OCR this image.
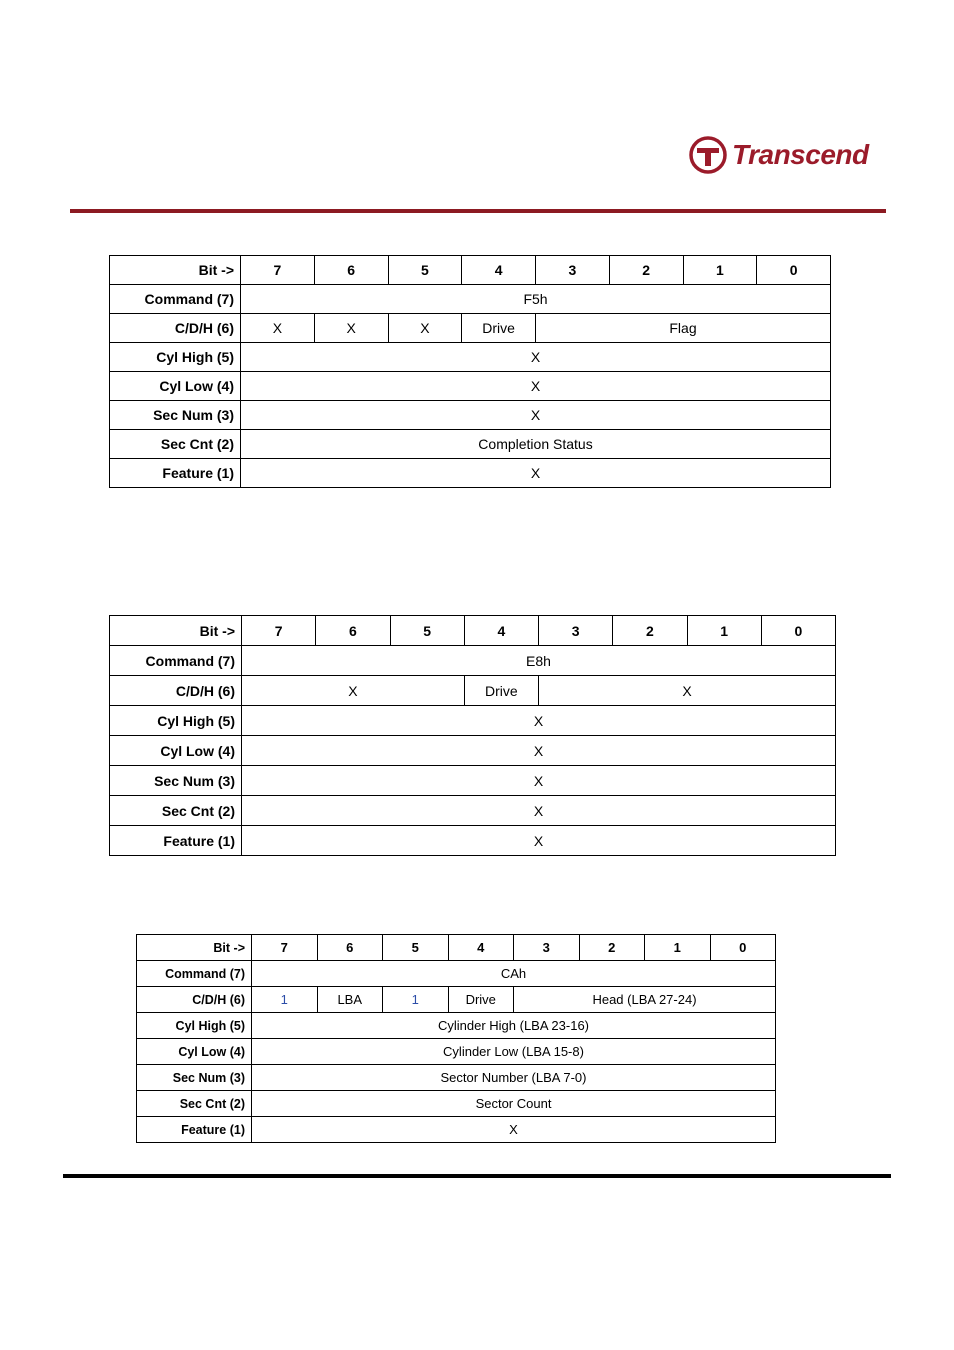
Transcend
Bit ->	7	6	5	4	3	2	1	0
Command (7)	F5h							
C/D/H (6)	X	X	X	Drive	Flag			
Cyl High (5)	X							
Cyl Low (4)	X							
Sec Num (3)	X							
Sec Cnt (2)	Completion Status							
Feature (1)	X							
Bit ->	7	6	5	4	3	2	1	0
Command (7)	E8h							
C/D/H (6)	X			Drive	X			
Cyl High (5)	X							
Cyl Low (4)	X							
Sec Num (3)	X							
Sec Cnt (2)	X							
Feature (1)	X							
Bit ->	7	6	5	4	3	2	1	0
Command (7)	CAh							
C/D/H (6)	1	LBA	1	Drive	Head (LBA 27-24)			
Cyl High (5)	Cylinder High (LBA 23-16)							
Cyl Low (4)	Cylinder Low (LBA 15-8)							
Sec Num (3)	Sector Number (LBA 7-0)							
Sec Cnt (2)	Sector Count							
Feature (1)	X							
